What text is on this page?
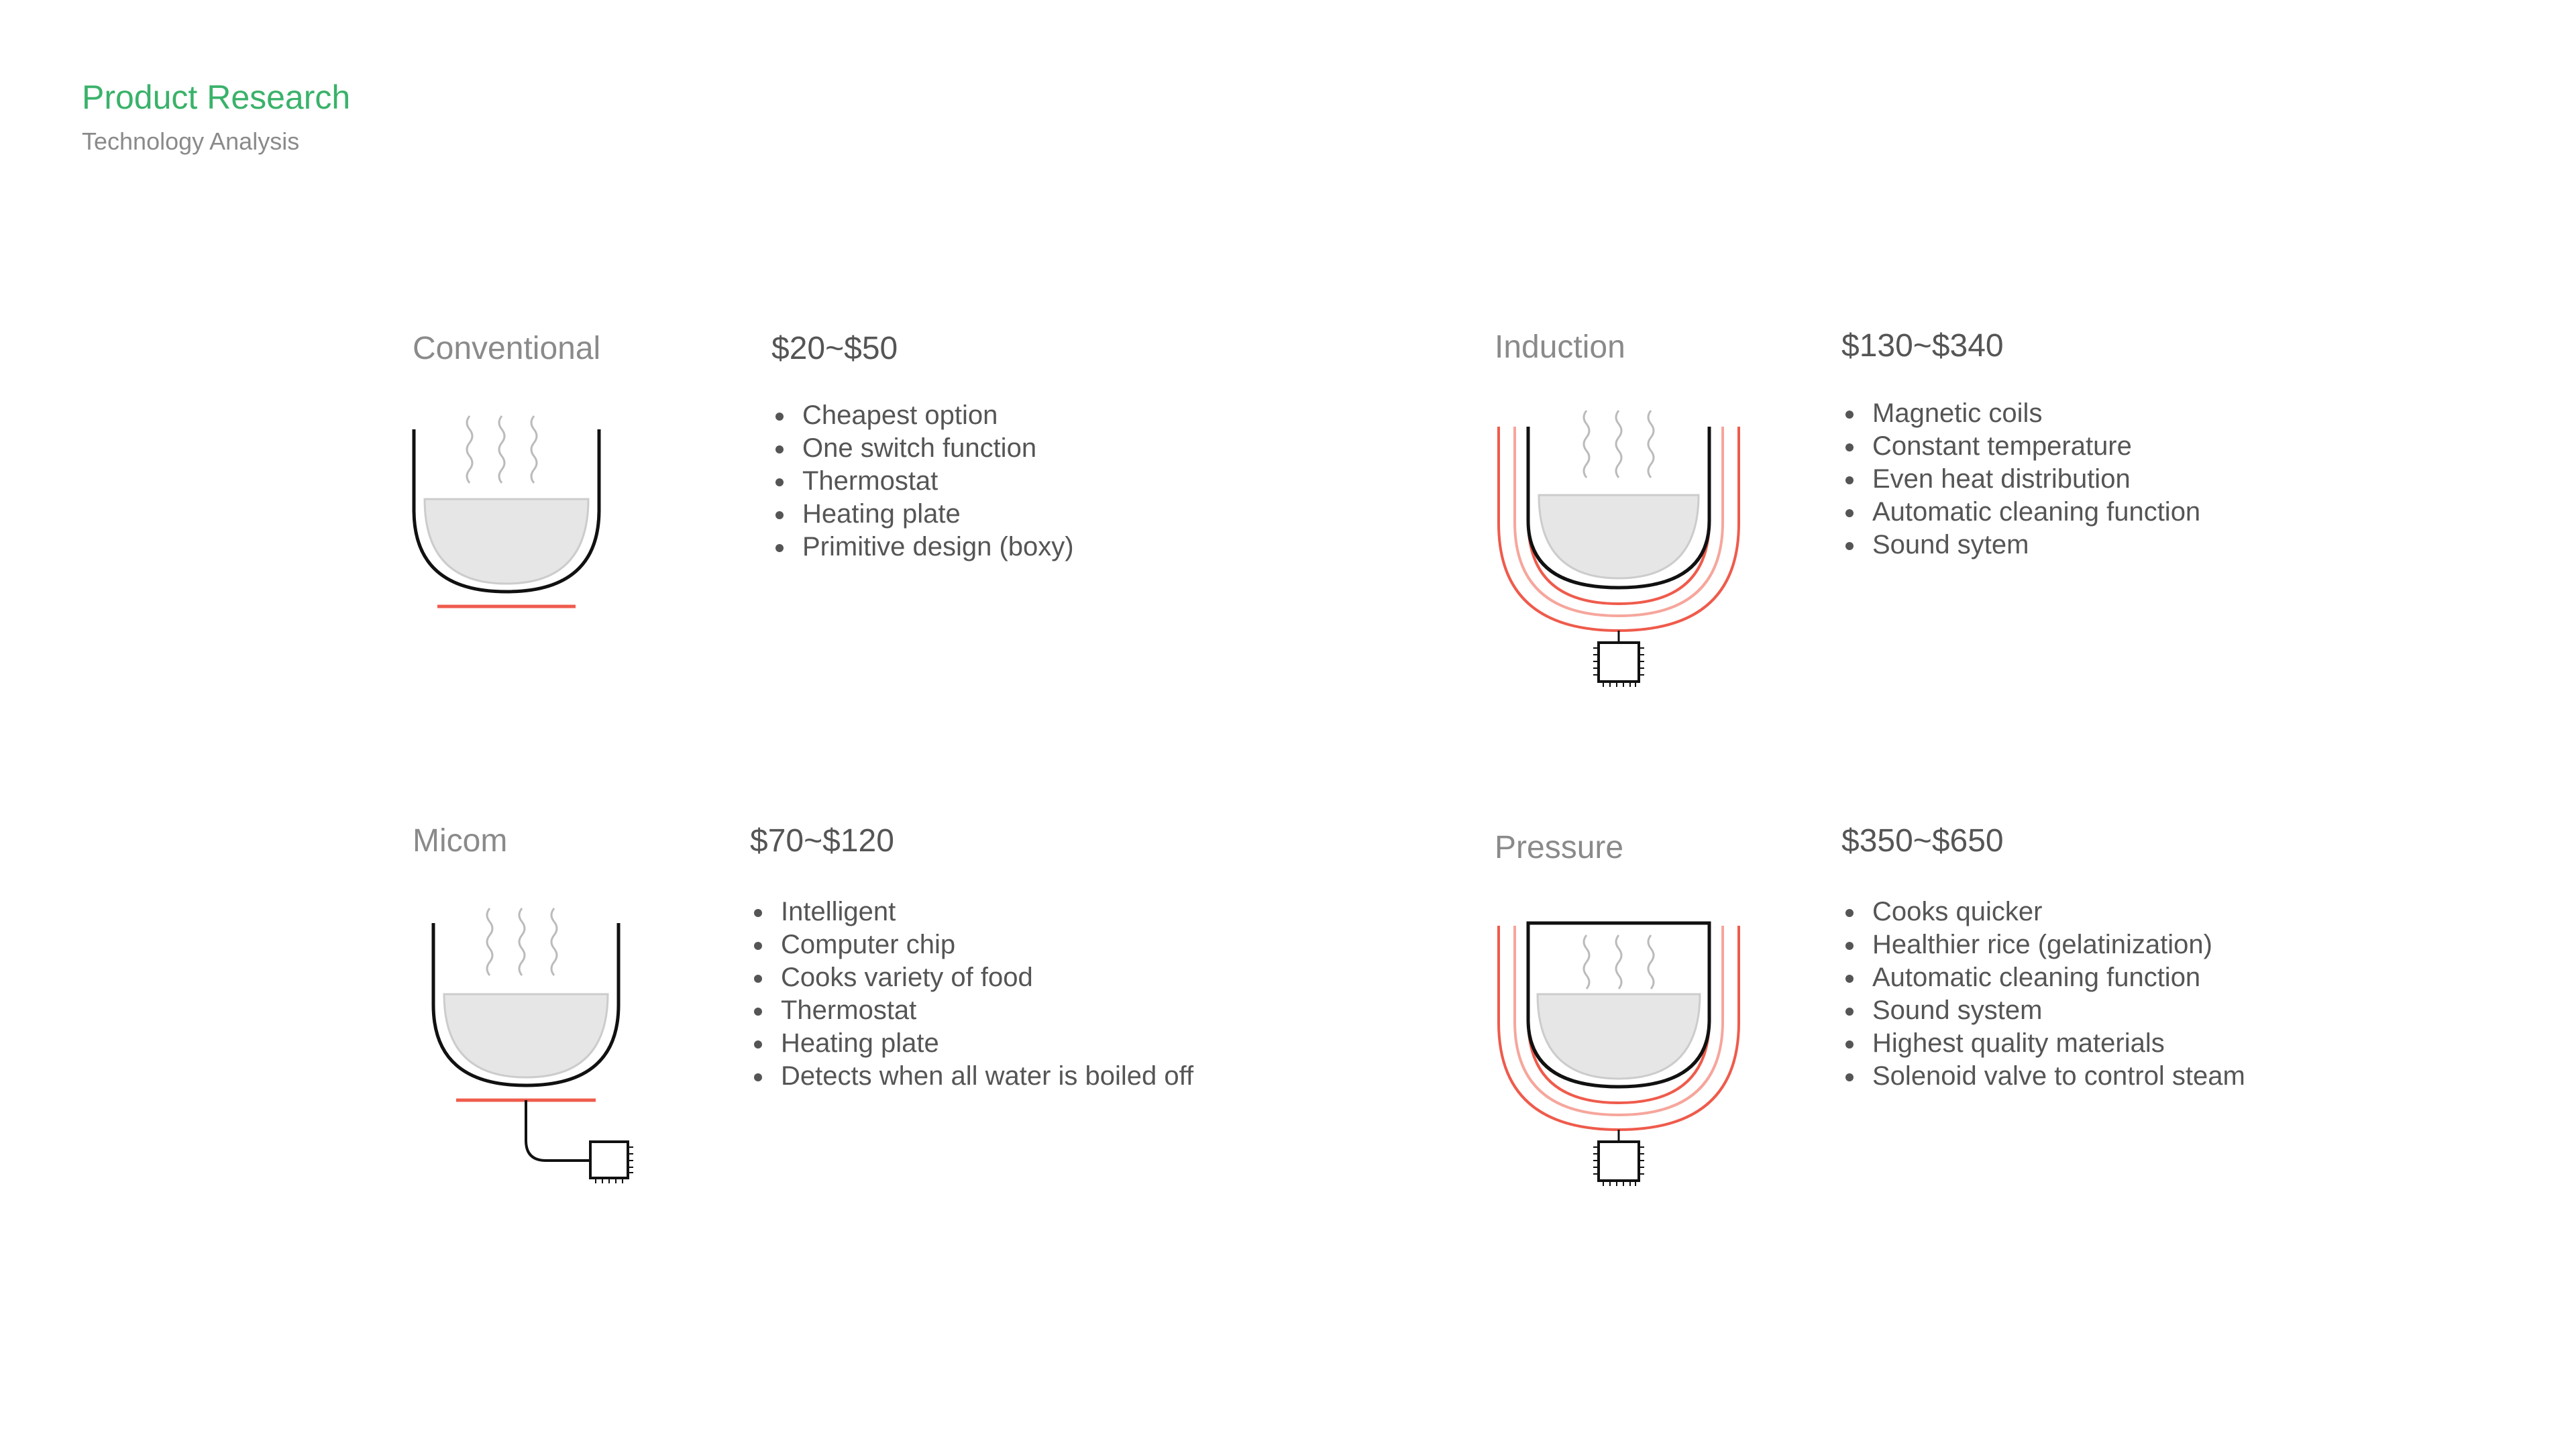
Product Research
Technology Analysis
Conventional	$20~$50
Cheapest option
One switch function
Thermostat
Heating plate
Primitive design (boxy)
Induction	$130~$340
Magnetic coils
Constant temperature
Even heat distribution
Automatic cleaning function
Sound sytem
Micom	$70~$120
Intelligent
Computer chip
Cooks variety of food
Thermostat
Heating plate
Detects when all water is boiled off
Pressure	$350~$650
Cooks quicker
Healthier rice (gelatinization)
Automatic cleaning function
Sound system
Highest quality materials
Solenoid valve to control steam
